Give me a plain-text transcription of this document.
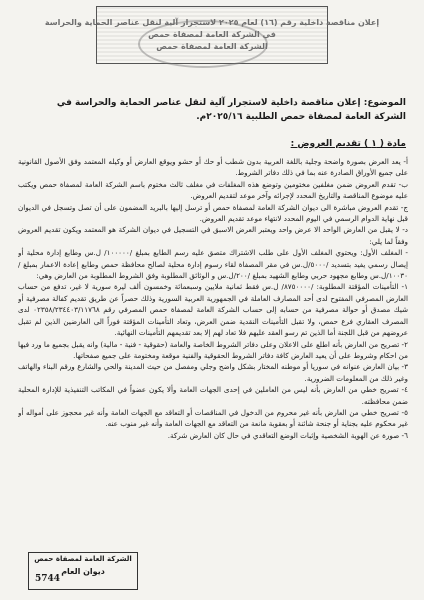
إعلان مناقصة داخلية رقم (١٦) لعام ٢٠٢٥ لاستجرار آلية لنقل عناصر الحماية والحراسة
في الشركة العامة لمصفاة حمص
الشركة العامة لمصفاة حمص
الموضوع: إعلان مناقصة داخلية لاستجرار آلية لنقل عناصر الحماية والحراسة في الشركة العامة لمصفاة حمص الطلبية ٢٠٢٥/١٦م.
مادة ( ١ ) تقديم العروض :

أ- يعد العرض بصورة واضحة وجلية باللغة العربية بدون شطب أو حك أو حشو ويوقع العارض أو وكيله المعتمد وفق الأصول القانونية على جميع الأوراق الصادرة عنه بما في ذلك دفاتر الشروط.

ب- تقدم العروض ضمن مغلفين مختومين وتوضع هذه المغلفات في مغلف ثالث مختوم باسم الشركة العامة لمصفاة حمص ويكتب عليه موضوع المناقصة والتاريخ المحدد لإجرائه وآخر موعد لتقديم العروض.

ج- تقدم العروض مباشرة الى ديوان الشركة العامة لمصفاة حمص أو ترسل إليها بالبريد المضمون على أن تصل وتسجل في الديوان قبل نهاية الدوام الرسمي في اليوم المحدد لانتهاء موعد تقديم العروض.

د- لا يقبل من العارض الواحد الا عرض واحد ويعتبر العرض الاسبق في التسجيل في ديوان الشركة هو المعتمد ويكون تقديم العروض وفقاً لما يلي:

- المغلف الأول: ويحتوي المغلف الأول على طلب الاشتراك متصق عليه رسم الطابع بمبلغ /١٠٠٠٠٠/ ل.س وطابع إدارة محلية أو إيصال رسمي يفيد بتسديد /٥٠٠٠/ل.س في مقر المصفاة لقاء رسوم إدارة محلية لصالح محافظة حمص وطابع إعادة الاعمار بمبلغ /١٠٠٣٠/ل.س وطابع مجهود حربي وطابع الشهيد بمبلغ /٢٠٠/ل.س و الوثائق المطلوبة وفق الشروط المطلوبة من العارض وهي:

١- التأمينات المؤقتة المطلوبة: /٨٧٥٠٠٠٠/ ل.س فقط ثمانية ملايين وسبعمائة وخمسون ألف ليرة سورية لا غير، تدفع من حساب العارض المصرفي المفتوح لدى أحد المصارف العاملة في الجمهورية العربية السورية وذلك حصراً عن طريق تقديم كفالة مصرفية أو شيك مصدق أو حوالة مصرفية من حسابه إلى حساب الشركة العامة لمصفاة حمص المصرفي رقم ٠٢٣٥٨/٢٣٤٤٠٣/١١٧٦٨ لدى المصرف العقاري فرع حمص، ولا تقبل التأمينات النقدية ضمن العرض، وتعاد التأمينات المؤقتة فوراً الى العارضين الذين لم تقبل عروضهم من قبل اللجنة أما الذين تم رسو العقد عليهم فلا تعاد لهم إلا بعد تقديمهم التأمينات النهائية.

٢- تصريح من العارض بأنه اطلع على الاعلان وعلى دفاتر الشروط الخاصة والعامة (حقوقية - فنية - مالية) وانه يقبل بجميع ما ورد فيها من احكام وشروط على أن يعيد العارض كافة دفاتر الشروط الحقوقية والفنية موقعة ومختومة على جميع صفحاتها.

٣- بيان العارض عنوانه في سوريا أو موطنه المختار بشكل واضح وجلي ومفصل من حيث المدينة والحي والشارع ورقم البناء والهاتف وغير ذلك من المعلومات الضرورية.

٤- تصريح خطي من العارض بأنه ليس من العاملين في إحدى الجهات العامة وألا يكون عضواً في المكاتب التنفيذية للإدارة المحلية ضمن محافظته.

٥- تصريح خطي من العارض بأنه غير محروم من الدخول في المناقصات أو التعاقد مع الجهات العامة وأنه غير محجوز على أمواله أو غير محكوم عليه بجناية أو جنحة شائنة أو بعقوبة مانعة من التعاقد مع الجهات العامة وأنه غير منوب عنه.

٦- صورة عن الهوية الشخصية وإثبات الوضع التعاقدي في حال كان العارض شركة.

الشركة العامة لمصفاة حمص
ديوان العام
5744
